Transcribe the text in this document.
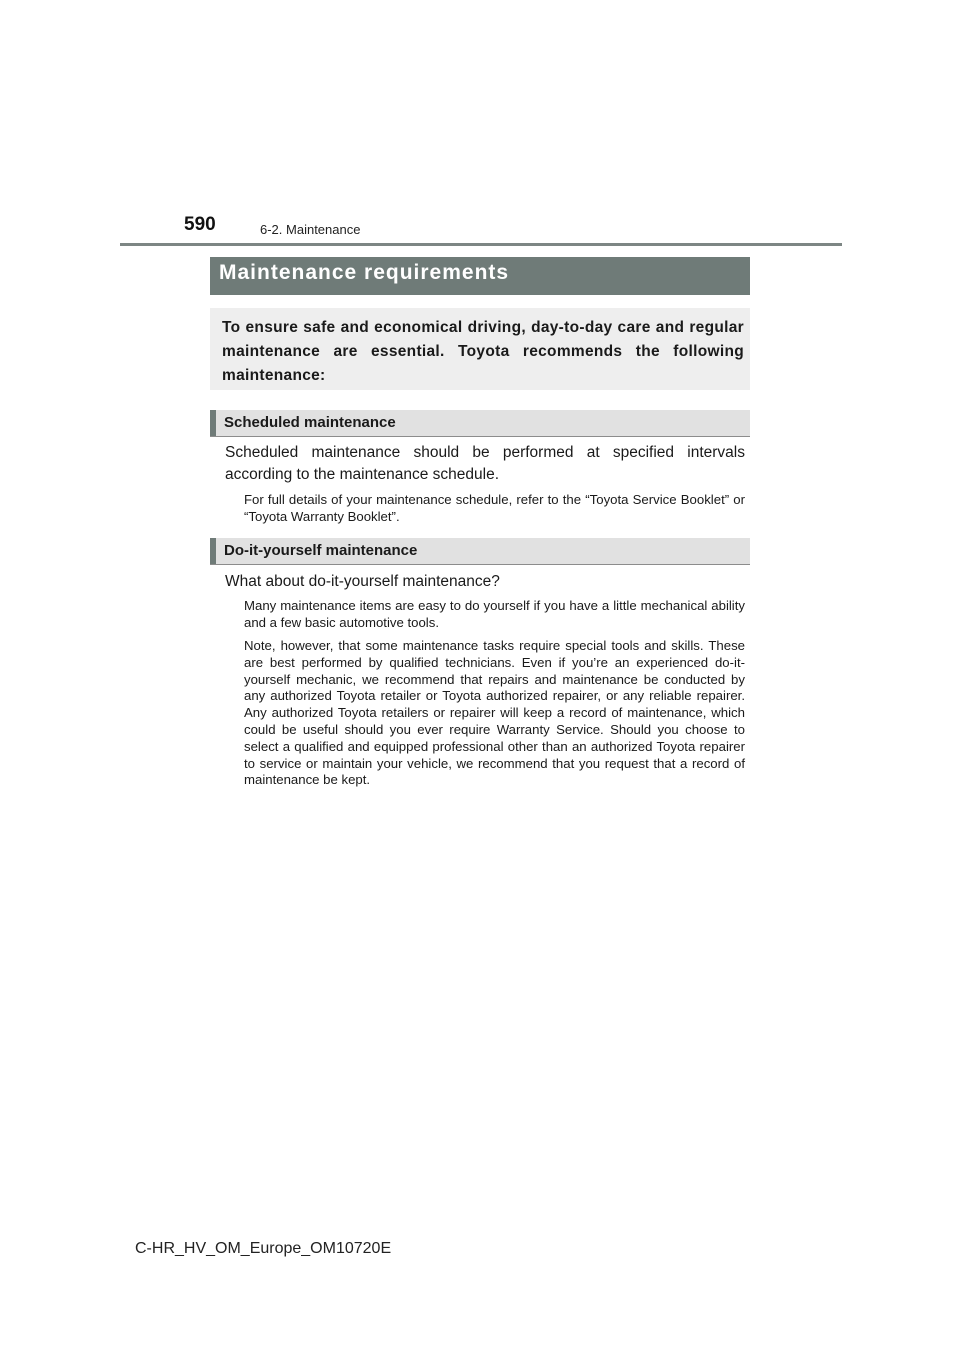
590	6-2. Maintenance
Maintenance requirements

To ensure safe and economical driving, day-to-day care and regular maintenance are essential. Toyota recommends the following maintenance:

Scheduled maintenance

Scheduled maintenance should be performed at specified intervals according to the maintenance schedule.

For full details of your maintenance schedule, refer to the “Toyota Service Booklet” or “Toyota Warranty Booklet”.

Do-it-yourself maintenance

What about do-it-yourself maintenance?

Many maintenance items are easy to do yourself if you have a little mechanical ability and a few basic automotive tools.

Note, however, that some maintenance tasks require special tools and skills. These are best performed by qualified technicians. Even if you’re an experienced do-it-yourself mechanic, we recommend that repairs and maintenance be conducted by any authorized Toyota retailer or Toyota authorized repairer, or any reliable repairer. Any authorized Toyota retailers or repairer will keep a record of maintenance, which could be useful should you ever require Warranty Service. Should you choose to select a qualified and equipped professional other than an authorized Toyota repairer to service or maintain your vehicle, we recommend that you request that a record of maintenance be kept.

C-HR_HV_OM_Europe_OM10720E
